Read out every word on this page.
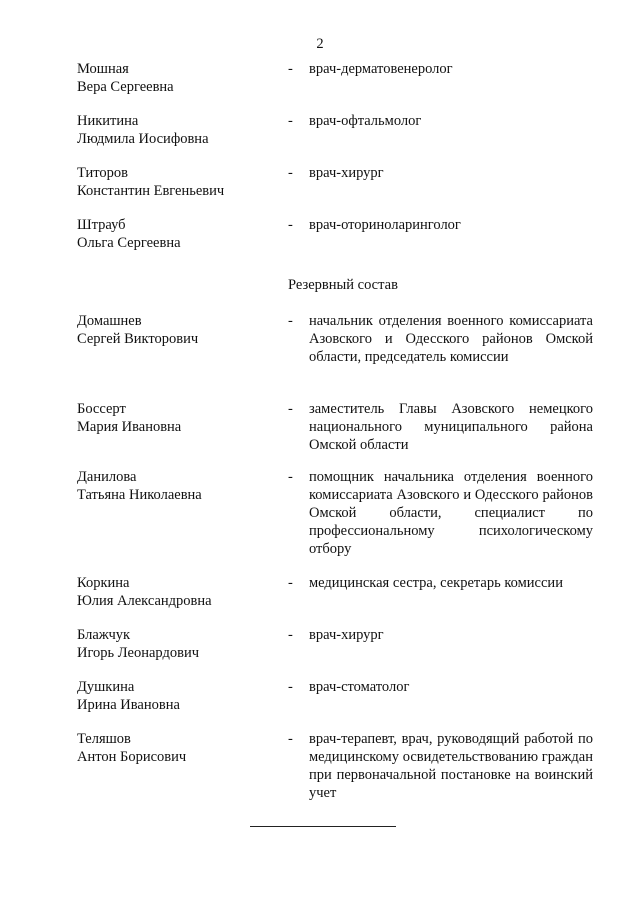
2
Мошная
Вера Сергеевна
- врач-дерматовенеролог
Никитина
Людмила Иосифовна
- врач-офтальмолог
Титоров
Константин Евгеньевич
- врач-хирург
Штрауб
Ольга Сергеевна
- врач-оториноларинголог
Резервный состав
Домашнев
Сергей Викторович
- начальник отделения военного комиссариата Азовского и Одесского районов Омской области, председатель комиссии
Боссерт
Мария Ивановна
- заместитель Главы Азовского немецкого национального муниципального района Омской области
Данилова
Татьяна Николаевна
- помощник начальника отделения военного комиссариата Азовского и Одесского районов Омской области, специалист по профессиональному психологическому отбору
Коркина
Юлия Александровна
- медицинская сестра, секретарь комиссии
Блажчук
Игорь Леонардович
- врач-хирург
Душкина
Ирина Ивановна
- врач-стоматолог
Теляшов
Антон Борисович
- врач-терапевт, врач, руководящий работой по медицинскому освидетельствованию граждан при первоначальной постановке на воинский учет
